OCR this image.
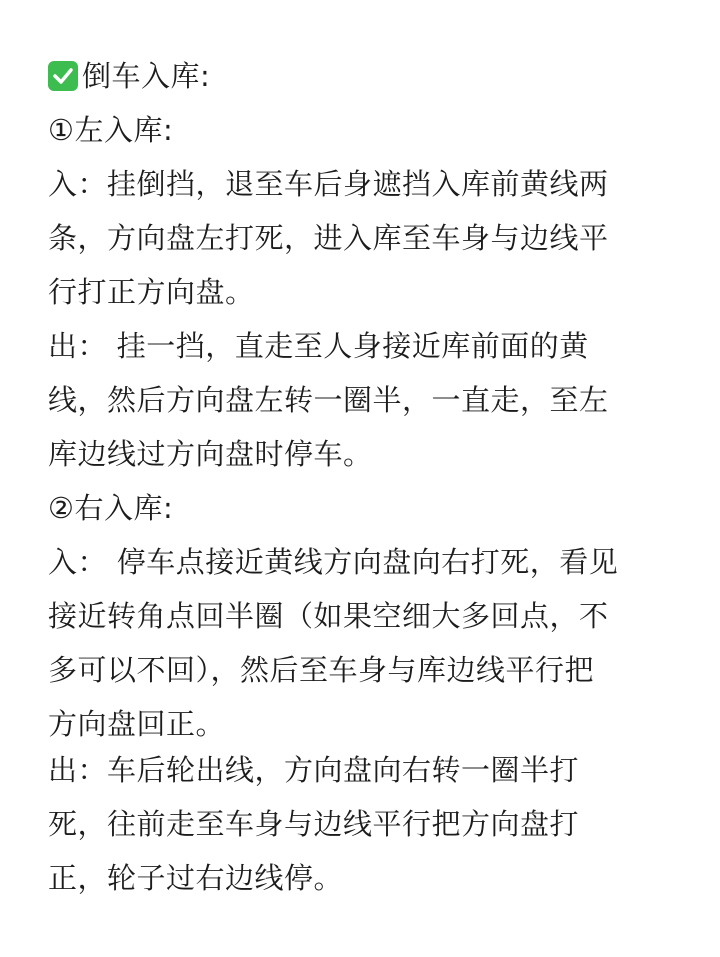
倒车入库:
①左入库:
入：挂倒挡，退至车后身遮挡入库前黄线两
条，方向盘左打死，进入库至车身与边线平
行打正方向盘。
出： 挂一挡，直走至人身接近库前面的黄
线，然后方向盘左转一圈半，一直走，至左
库边线过方向盘时停车。
②右入库:
入： 停车点接近黄线方向盘向右打死，看见
接近转角点回半圈（如果空细大多回点，不
多可以不回），然后至车身与库边线平行把
方向盘回正。
出：车后轮出线，方向盘向右转一圈半打
死，往前走至车身与边线平行把方向盘打
正，轮子过右边线停。
